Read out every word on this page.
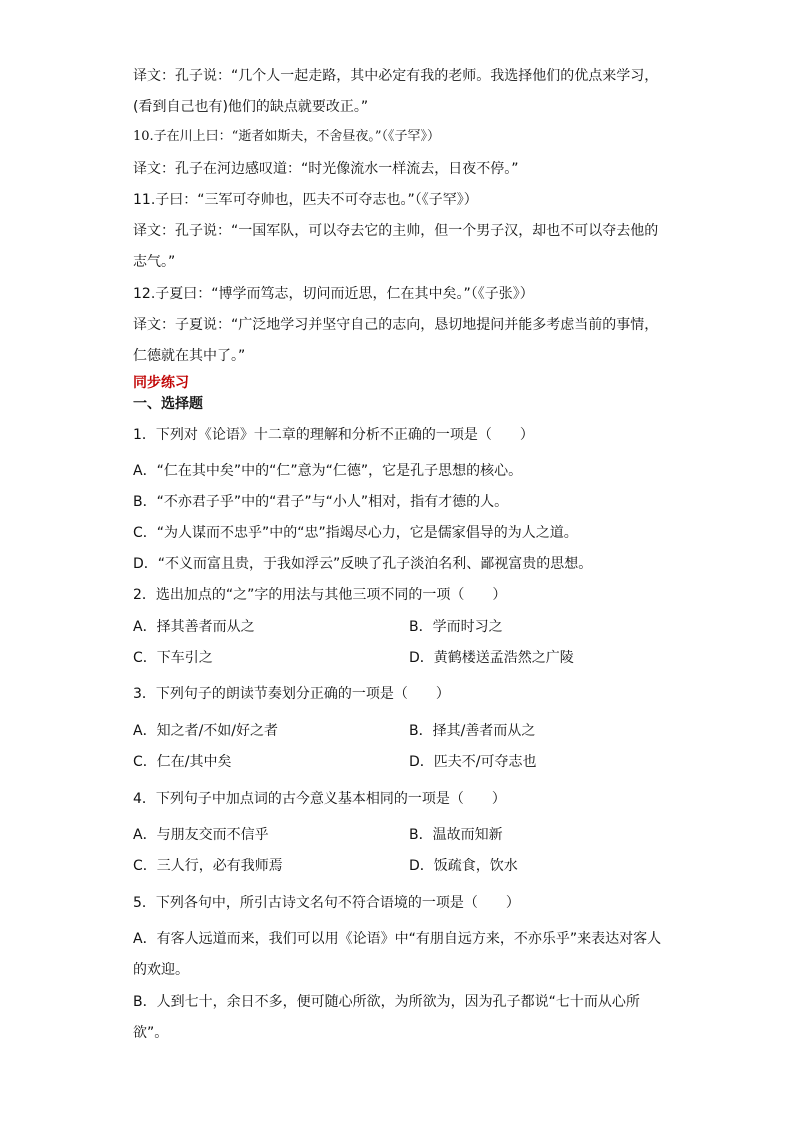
译文：孔子说：“几个人一起走路，其中必定有我的老师。我选择他们的优点来学习，
(看到自己也有)他们的缺点就要改正。”
10.子在川上曰：“逝者如斯夫，不舍昼夜。”（《子罕》）
译文：孔子在河边感叹道：“时光像流水一样流去，日夜不停。”
11.子曰：“三军可夺帅也，匹夫不可夺志也。”（《子罕》）
译文：孔子说：“一国军队，可以夺去它的主帅，但一个男子汉，却也不可以夺去他的
志气。”
12.子夏曰：“博学而笃志，切问而近思，仁在其中矣。”（《子张》）
译文：子夏说：“广泛地学习并坚守自己的志向，恳切地提问并能多考虑当前的事情，
仁德就在其中了。”
同步练习
一、选择题
1．下列对《论语》十二章的理解和分析不正确的一项是（　　）
A．“仁在其中矣”中的“仁”意为“仁德”，它是孔子思想的核心。
B．“不亦君子乎”中的“君子”与“小人”相对，指有才德的人。
C．“为人谋而不忠乎”中的“忠”指竭尽心力，它是儒家倡导的为人之道。
D．“不义而富且贵，于我如浮云”反映了孔子淡泊名利、鄙视富贵的思想。
2．选出加点的“之”字的用法与其他三项不同的一项（　　）
A．择其善者而从之	B．学而时习之
C．下车引之	D．黄鹤楼送孟浩然之广陵
3．下列句子的朗读节奏划分正确的一项是（　　）
A．知之者/不如/好之者	B．择其/善者而从之
C．仁在/其中矣	D．匹夫不/可夺志也
4．下列句子中加点词的古今意义基本相同的一项是（　　）
A．与朋友交而不信乎	B．温故而知新
C．三人行，必有我师焉	D．饭疏食，饮水
5．下列各句中，所引古诗文名句不符合语境的一项是（　　）
A．有客人远道而来，我们可以用《论语》中“有朋自远方来，不亦乐乎”来表达对客人
的欢迎。
B．人到七十，余日不多，便可随心所欲，为所欲为，因为孔子都说“七十而从心所
欲”。
